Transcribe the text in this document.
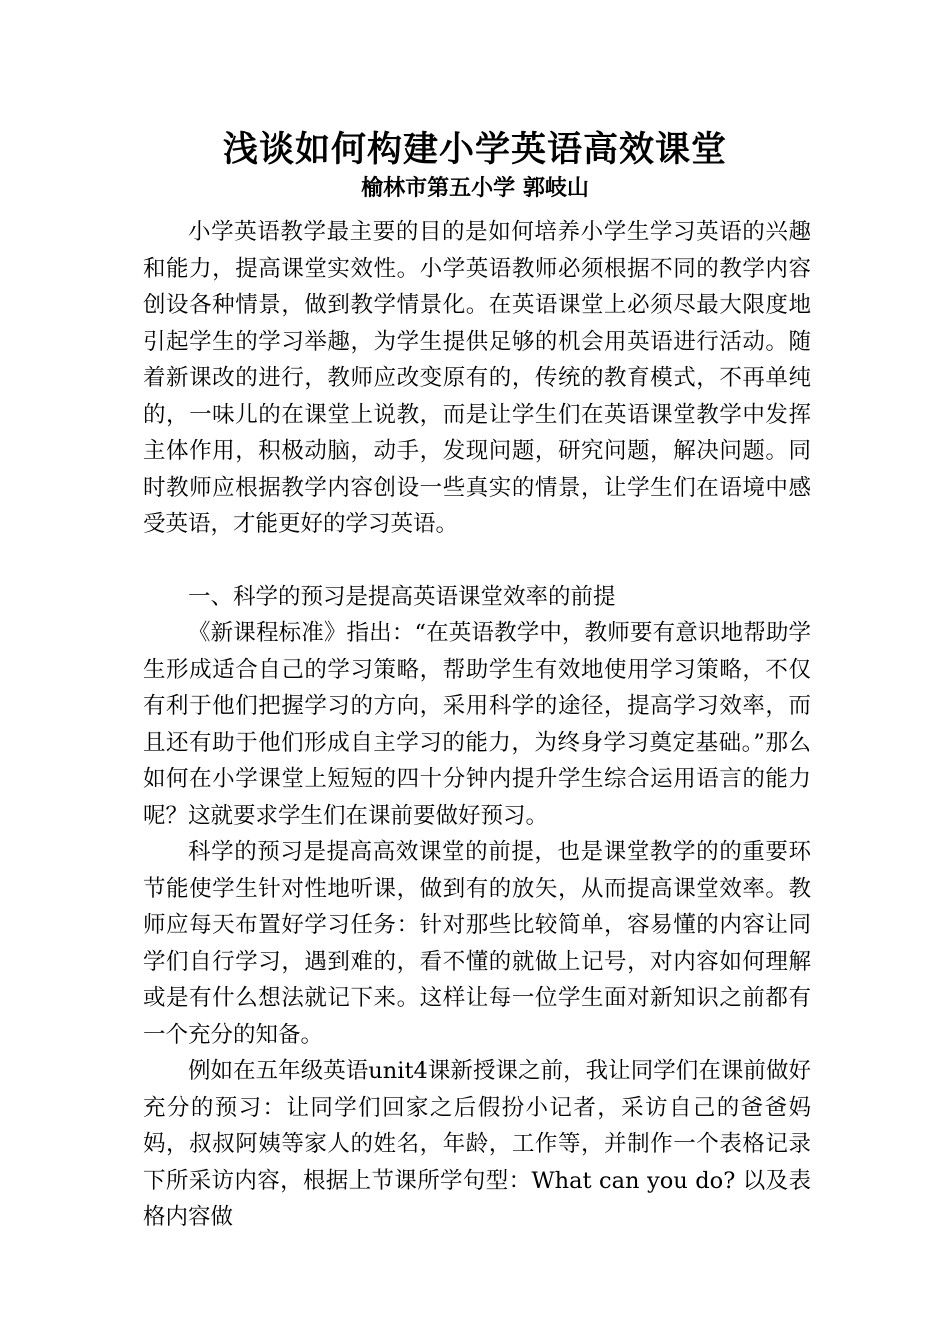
浅谈如何构建小学英语高效课堂
榆林市第五小学 郭岐山

小学英语教学最主要的目的是如何培养小学生学习英语的兴趣和能力，提高课堂实效性。小学英语教师必须根据不同的教学内容创设各种情景，做到教学情景化。在英语课堂上必须尽最大限度地引起学生的学习举趣，为学生提供足够的机会用英语进行活动。随着新课改的进行，教师应改变原有的，传统的教育模式，不再单纯的，一味儿的在课堂上说教，而是让学生们在英语课堂教学中发挥主体作用，积极动脑，动手，发现问题，研究问题，解决问题。同时教师应根据教学内容创设一些真实的情景，让学生们在语境中感受英语，才能更好的学习英语。

一、科学的预习是提高英语课堂效率的前提

《新课程标准》指出：“在英语教学中，教师要有意识地帮助学生形成适合自己的学习策略，帮助学生有效地使用学习策略，不仅有利于他们把握学习的方向，采用科学的途径，提高学习效率，而且还有助于他们形成自主学习的能力，为终身学习奠定基础。”那么如何在小学课堂上短短的四十分钟内提升学生综合运用语言的能力呢？这就要求学生们在课前要做好预习。

科学的预习是提高高效课堂的前提，也是课堂教学的的重要环节能使学生针对性地听课，做到有的放矢，从而提高课堂效率。教师应每天布置好学习任务：针对那些比较简单，容易懂的内容让同学们自行学习，遇到难的，看不懂的就做上记号，对内容如何理解或是有什么想法就记下来。这样让每一位学生面对新知识之前都有一个充分的知备。

例如在五年级英语unit4课新授课之前，我让同学们在课前做好充分的预习：让同学们回家之后假扮小记者，采访自己的爸爸妈妈，叔叔阿姨等家人的姓名，年龄，工作等，并制作一个表格记录下所采访内容，根据上节课所学句型：What can you do? 以及表格内容做
